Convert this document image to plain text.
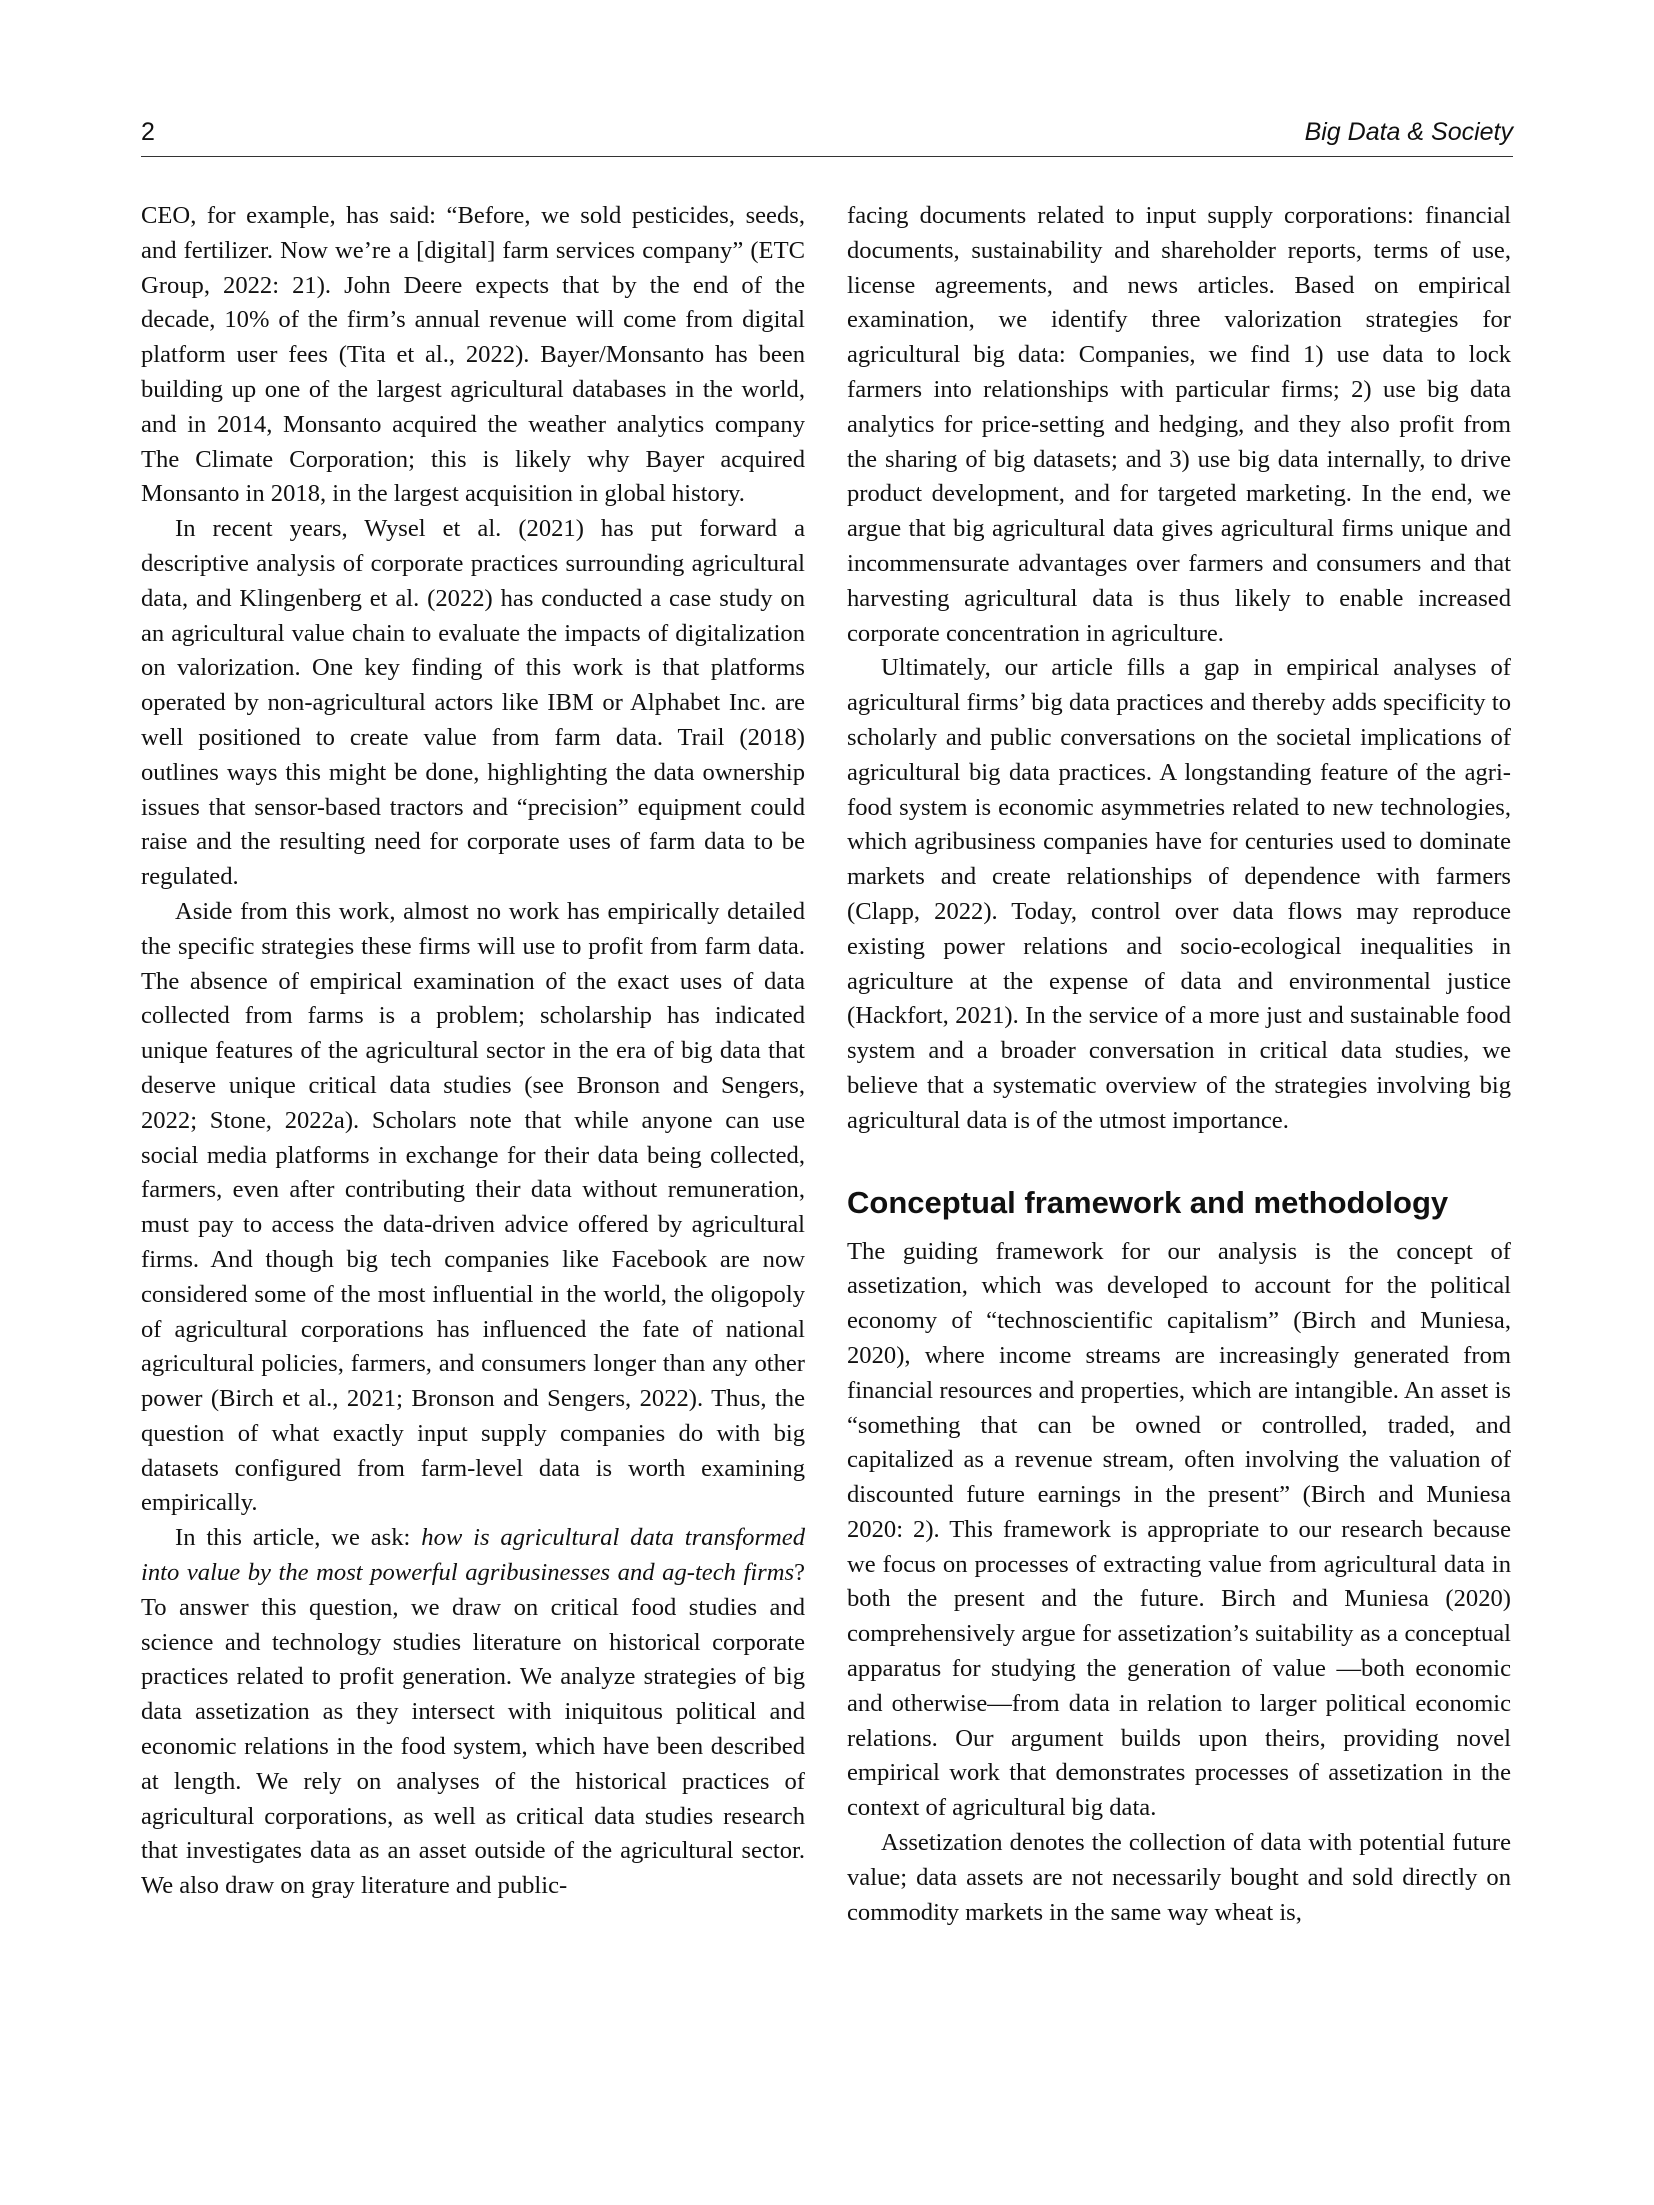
2	Big Data & Society

CEO, for example, has said: “Before, we sold pesticides, seeds, and fertilizer. Now we’re a [digital] farm services company” (ETC Group, 2022: 21). John Deere expects that by the end of the decade, 10% of the firm’s annual revenue will come from digital platform user fees (Tita et al., 2022). Bayer/Monsanto has been building up one of the largest agricultural databases in the world, and in 2014, Monsanto acquired the weather analytics company The Climate Corporation; this is likely why Bayer acquired Monsanto in 2018, in the largest acquisition in global history.

In recent years, Wysel et al. (2021) has put forward a descriptive analysis of corporate practices surrounding agricultural data, and Klingenberg et al. (2022) has conducted a case study on an agricultural value chain to evaluate the impacts of digitalization on valorization. One key finding of this work is that platforms operated by non-agricultural actors like IBM or Alphabet Inc. are well positioned to create value from farm data. Trail (2018) outlines ways this might be done, highlighting the data ownership issues that sensor-based tractors and “precision” equipment could raise and the resulting need for corporate uses of farm data to be regulated.

Aside from this work, almost no work has empirically detailed the specific strategies these firms will use to profit from farm data. The absence of empirical examination of the exact uses of data collected from farms is a problem; scholarship has indicated unique features of the agricultural sector in the era of big data that deserve unique critical data studies (see Bronson and Sengers, 2022; Stone, 2022a). Scholars note that while anyone can use social media platforms in exchange for their data being collected, farmers, even after contributing their data without remuneration, must pay to access the data-driven advice offered by agricultural firms. And though big tech companies like Facebook are now considered some of the most influential in the world, the oligopoly of agricultural corporations has influenced the fate of national agricultural policies, farmers, and consumers longer than any other power (Birch et al., 2021; Bronson and Sengers, 2022). Thus, the question of what exactly input supply companies do with big datasets configured from farm-level data is worth examining empirically.

In this article, we ask: how is agricultural data transformed into value by the most powerful agribusinesses and ag-tech firms? To answer this question, we draw on critical food studies and science and technology studies literature on historical corporate practices related to profit generation. We analyze strategies of big data assetization as they intersect with iniquitous political and economic relations in the food system, which have been described at length. We rely on analyses of the historical practices of agricultural corporations, as well as critical data studies research that investigates data as an asset outside of the agricultural sector. We also draw on gray literature and public-

facing documents related to input supply corporations: financial documents, sustainability and shareholder reports, terms of use, license agreements, and news articles. Based on empirical examination, we identify three valorization strategies for agricultural big data: Companies, we find 1) use data to lock farmers into relationships with particular firms; 2) use big data analytics for price-setting and hedging, and they also profit from the sharing of big datasets; and 3) use big data internally, to drive product development, and for targeted marketing. In the end, we argue that big agricultural data gives agricultural firms unique and incommensurate advantages over farmers and consumers and that harvesting agricultural data is thus likely to enable increased corporate concentration in agriculture.

Ultimately, our article fills a gap in empirical analyses of agricultural firms’ big data practices and thereby adds specificity to scholarly and public conversations on the societal implications of agricultural big data practices. A longstanding feature of the agri-food system is economic asymmetries related to new technologies, which agribusiness companies have for centuries used to dominate markets and create relationships of dependence with farmers (Clapp, 2022). Today, control over data flows may reproduce existing power relations and socio-ecological inequalities in agriculture at the expense of data and environmental justice (Hackfort, 2021). In the service of a more just and sustainable food system and a broader conversation in critical data studies, we believe that a systematic overview of the strategies involving big agricultural data is of the utmost importance.

Conceptual framework and methodology

The guiding framework for our analysis is the concept of assetization, which was developed to account for the political economy of “technoscientific capitalism” (Birch and Muniesa, 2020), where income streams are increasingly generated from financial resources and properties, which are intangible. An asset is “something that can be owned or controlled, traded, and capitalized as a revenue stream, often involving the valuation of discounted future earnings in the present” (Birch and Muniesa 2020: 2). This framework is appropriate to our research because we focus on processes of extracting value from agricultural data in both the present and the future. Birch and Muniesa (2020) comprehensively argue for assetization’s suitability as a conceptual apparatus for studying the generation of value —both economic and otherwise—from data in relation to larger political economic relations. Our argument builds upon theirs, providing novel empirical work that demonstrates processes of assetization in the context of agricultural big data.

Assetization denotes the collection of data with potential future value; data assets are not necessarily bought and sold directly on commodity markets in the same way wheat is,
